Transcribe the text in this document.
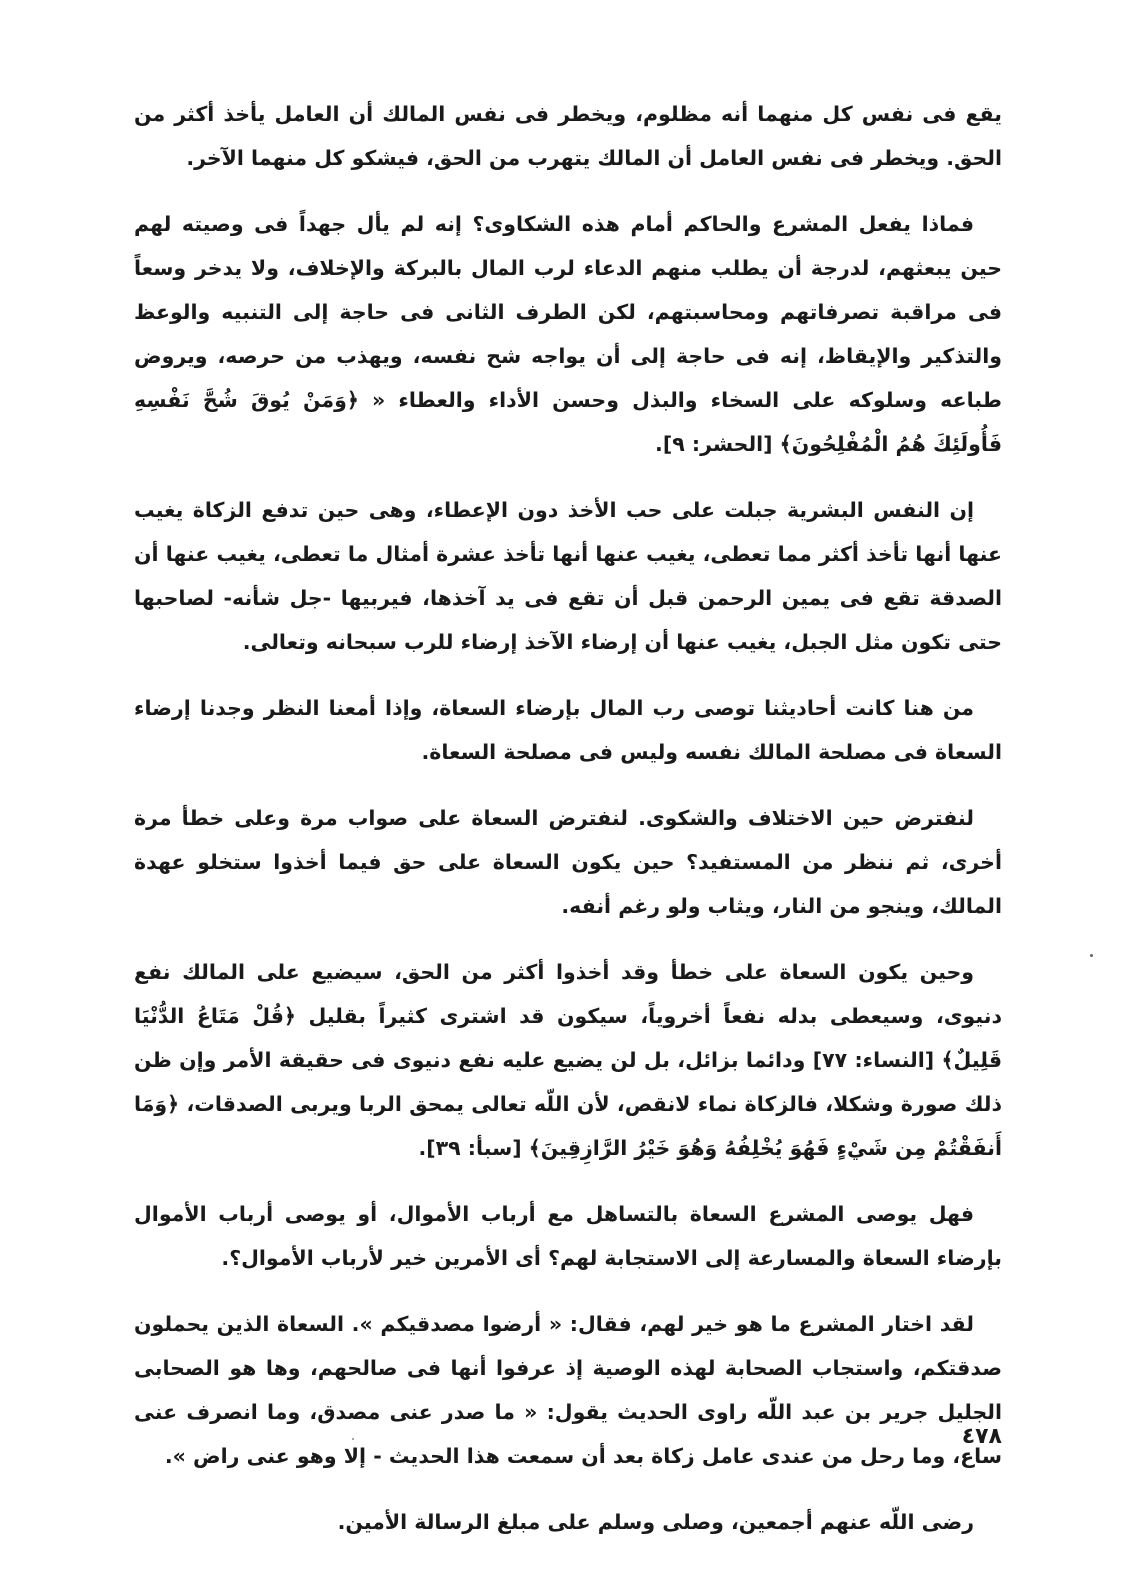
يقع فى نفس كل منهما أنه مظلوم، ويخطر فى نفس المالك أن العامل يأخذ أكثر من الحق. ويخطر فى نفس العامل أن المالك يتهرب من الحق، فيشكو كل منهما الآخر.

فماذا يفعل المشرع والحاكم أمام هذه الشكاوى؟ إنه لم يأل جهداً فى وصيته لهم حين يبعثهم، لدرجة أن يطلب منهم الدعاء لرب المال بالبركة والإخلاف، ولا يدخر وسعاً فى مراقبة تصرفاتهم ومحاسبتهم، لكن الطرف الثانى فى حاجة إلى التنبيه والوعظ والتذكير والإيقاظ، إنه فى حاجة إلى أن يواجه شح نفسه، ويهذب من حرصه، ويروض طباعه وسلوكه على السخاء والبذل وحسن الأداء والعطاء « ﴿وَمَنْ يُوقَ شُحَّ نَفْسِهِ فَأُولَئِكَ هُمُ الْمُفْلِحُونَ﴾ [الحشر: ٩].

إن النفس البشرية جبلت على حب الأخذ دون الإعطاء، وهى حين تدفع الزكاة يغيب عنها أنها تأخذ أكثر مما تعطى، يغيب عنها أنها تأخذ عشرة أمثال ما تعطى، يغيب عنها أن الصدقة تقع فى يمين الرحمن قبل أن تقع فى يد آخذها، فيربيها -جل شأنه- لصاحبها حتى تكون مثل الجبل، يغيب عنها أن إرضاء الآخذ إرضاء للرب سبحانه وتعالى.

من هنا كانت أحاديثنا توصى رب المال بإرضاء السعاة، وإذا أمعنا النظر وجدنا إرضاء السعاة فى مصلحة المالك نفسه وليس فى مصلحة السعاة.

لنفترض حين الاختلاف والشكوى. لنفترض السعاة على صواب مرة وعلى خطأ مرة أخرى، ثم ننظر من المستفيد؟ حين يكون السعاة على حق فيما أخذوا ستخلو عهدة المالك، وينجو من النار، ويثاب ولو رغم أنفه.

وحين يكون السعاة على خطأ وقد أخذوا أكثر من الحق، سيضيع على المالك نفع دنيوى، وسيعطى بدله نفعاً أخروياً، سيكون قد اشترى كثيراً بقليل ﴿قُلْ مَتَاعُ الدُّنْيَا قَلِيلٌ﴾ [النساء: ٧٧] ودائما بزائل، بل لن يضيع عليه نفع دنيوى فى حقيقة الأمر وإن ظن ذلك صورة وشكلا، فالزكاة نماء لانقص، لأن اللّه تعالى يمحق الربا ويربى الصدقات، ﴿وَمَا أَنفَقْتُمْ مِن شَيْءٍ فَهُوَ يُخْلِفُهُ وَهُوَ خَيْرُ الرَّازِقِينَ﴾ [سبأ: ٣٩].

فهل يوصى المشرع السعاة بالتساهل مع أرباب الأموال، أو يوصى أرباب الأموال بإرضاء السعاة والمسارعة إلى الاستجابة لهم؟ أى الأمرين خير لأرباب الأموال؟.

لقد اختار المشرع ما هو خير لهم، فقال: « أرضوا مصدقيكم ». السعاة الذين يحملون صدقتكم، واستجاب الصحابة لهذه الوصية إذ عرفوا أنها فى صالحهم، وها هو الصحابى الجليل جرير بن عبد اللّه راوى الحديث يقول: « ما صدر عنى مصدق، وما انصرف عنى ساع، وما رحل من عندى عامل زكاة بعد أن سمعت هذا الحديث - إلا وهو عنى راض ».

رضى اللّه عنهم أجمعين، وصلى وسلم على مبلغ الرسالة الأمين.

٤٧٨
